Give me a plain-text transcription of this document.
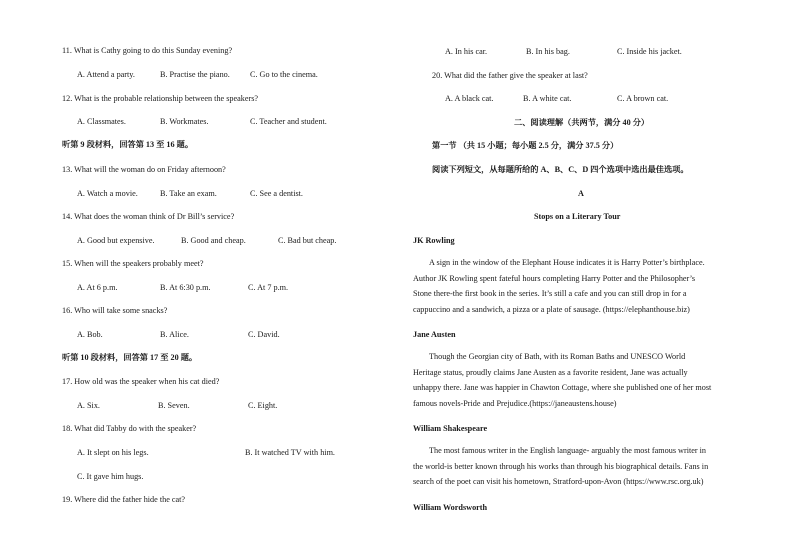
11. What is Cathy going to do this Sunday evening?
A. Attend a party.	B. Practise the piano. C. Go to the cinema.
12. What is the probable relationship between the speakers?
A. Classmates.	B. Workmates.	C. Teacher and student.
听第 9 段材料，回答第 13 至 16 题。
13. What will the woman do on Friday afternoon?
A. Watch a movie.	B. Take an exam.	C. See a dentist.
14. What does the woman think of Dr Bill’s service?
A. Good but expensive.	B. Good and cheap.	C. Bad but cheap.
15. When will the speakers probably meet?
A. At 6 p.m.	B. At 6:30 p.m.	C. At 7 p.m.
16. Who will take some snacks?
A. Bob.	B. Alice.	C. David.
听第 10 段材料，回答第 17 至 20 题。
17. How old was the speaker when his cat died?
A. Six.	B. Seven.	C. Eight.
18. What did Tabby do with the speaker?
A. It slept on his legs.	B. It watched TV with him.
C. It gave him hugs.
19. Where did the father hide the cat?
A. In his car.	B. In his bag.	C. Inside his jacket.
20. What did the father give the speaker at last?
A. A black cat.	B. A white cat.	C. A brown cat.
二、阅读理解（共两节，满分 40 分）
第一节 （共 15 小题；每小题 2.5 分，满分 37.5 分）
阅读下列短文，从每题所给的 A、B、C、D 四个选项中选出最佳选项。
A
Stops on a Literary Tour
JK Rowling
A sign in the window of the Elephant House indicates it is Harry Potter’s birthplace.
Author JK Rowling spent fateful hours completing Harry Potter and the Philosopher’s
Stone there-the first book in the series. It’s still a cafe and you can still drop in for a
cappuccino and a sandwich, a pizza or a plate of sausage. (https://elephanthouse.biz)
Jane Austen
Though the Georgian city of Bath, with its Roman Baths and UNESCO World
Heritage status, proudly claims Jane Austen as a favorite resident, Jane was actually
unhappy there. Jane was happier in Chawton Cottage, where she published one of her most
famous novels-Pride and Prejudice.(https://janeaustens.house)
William Shakespeare
The most famous writer in the English language- arguably the most famous writer in
the world-is better known through his works than through his biographical details. Fans in
search of the poet can visit his hometown, Stratford-upon-Avon (https://www.rsc.org.uk)
William Wordsworth
